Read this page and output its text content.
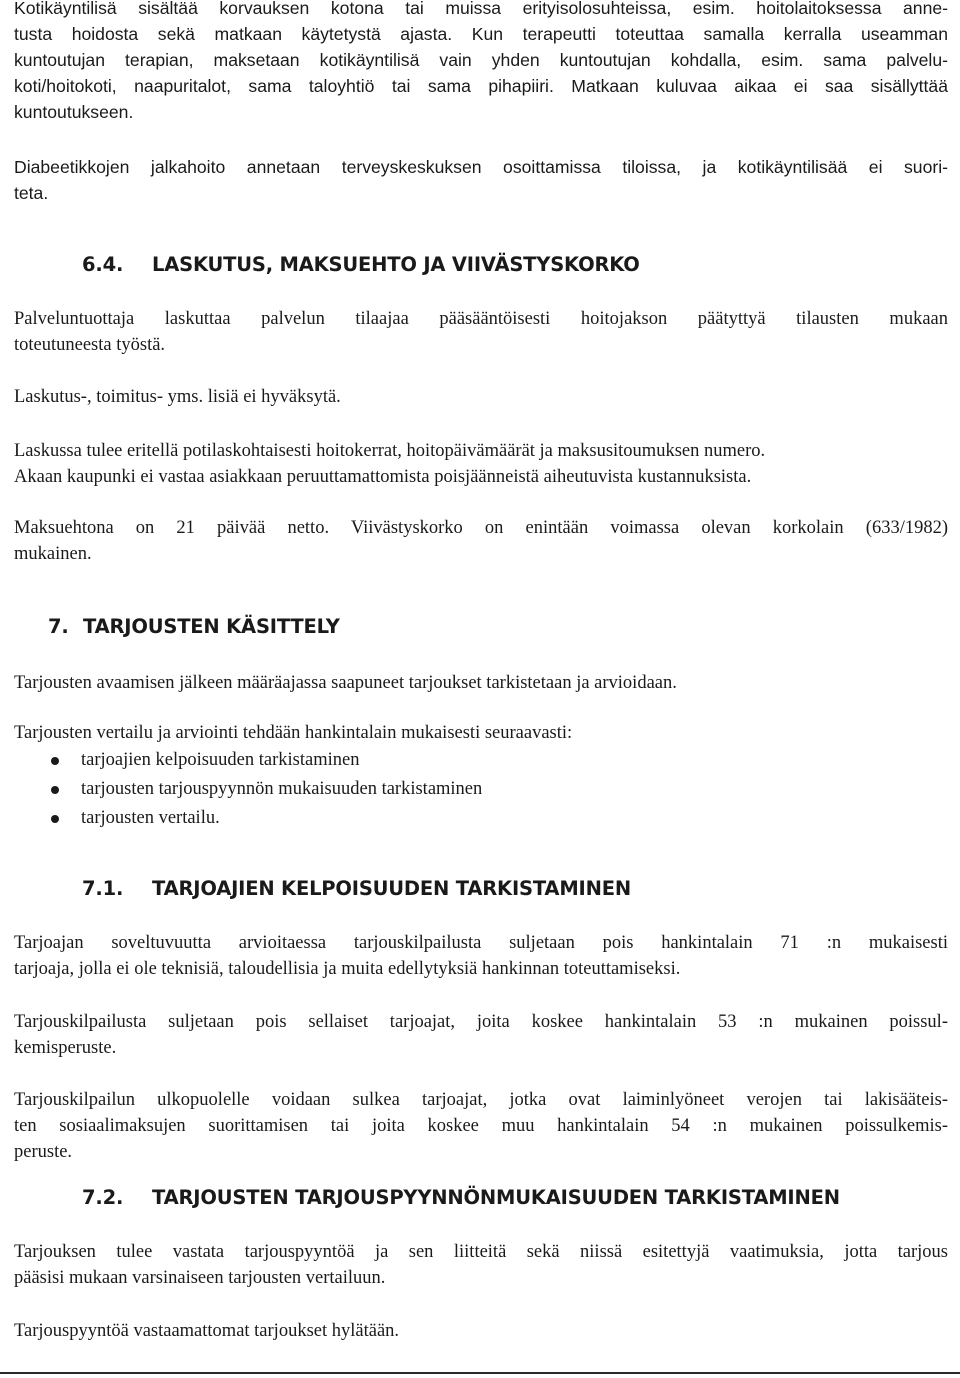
Kotikäyntilisä sisältää korvauksen kotona tai muissa erityisolosuhteissa, esim. hoitolaitoksessa anne-
tusta hoidosta sekä matkaan käytetystä ajasta. Kun terapeutti toteuttaa samalla kerralla useamman
kuntoutujan terapian, maksetaan kotikäyntilisä vain yhden kuntoutujan kohdalla, esim. sama palvelu-
koti/hoitokoti, naapuritalot, sama taloyhtiö tai sama pihapiiri. Matkaan kuluvaa aikaa ei saa sisällyttää
kuntoutukseen.
Diabeetikkojen jalkahoito annetaan terveyskeskuksen osoittamissa tiloissa, ja kotikäyntilisää ei suori-
teta.
6.4. LASKUTUS, MAKSUEHTO JA VIIVÄSTYSKORKO
Palveluntuottaja laskuttaa palvelun tilaajaa pääsääntöisesti hoitojakson päätyttyä tilausten mukaan
toteutuneesta työstä.
Laskutus-, toimitus- yms. lisiä ei hyväksytä.
Laskussa tulee eritellä potilaskohtaisesti hoitokerrat, hoitopäivämäärät ja maksusitoumuksen numero.
Akaan kaupunki ei vastaa asiakkaan peruuttamattomista poisjäänneistä aiheutuvista kustannuksista.
Maksuehtona on 21 päivää netto. Viivästyskorko on enintään voimassa olevan korkolain (633/1982)
mukainen.
7. TARJOUSTEN KÄSITTELY
Tarjousten avaamisen jälkeen määräajassa saapuneet tarjoukset tarkistetaan ja arvioidaan.
Tarjousten vertailu ja arviointi tehdään hankintalain mukaisesti seuraavasti:
tarjoajien kelpoisuuden tarkistaminen
tarjousten tarjouspyynnön mukaisuuden tarkistaminen
tarjousten vertailu.
7.1. TARJOAJIEN KELPOISUUDEN TARKISTAMINEN
Tarjoajan soveltuvuutta arvioitaessa tarjouskilpailusta suljetaan pois hankintalain 71 :n mukaisesti
tarjoaja, jolla ei ole teknisiä, taloudellisia ja muita edellytyksiä hankinnan toteuttamiseksi.
Tarjouskilpailusta suljetaan pois sellaiset tarjoajat, joita koskee hankintalain 53 :n mukainen poissul-
kemisperuste.
Tarjouskilpailun ulkopuolelle voidaan sulkea tarjoajat, jotka ovat laiminlyöneet verojen tai lakisääteis-
ten sosiaalimaksujen suorittamisen tai joita koskee muu hankintalain 54 :n mukainen poissulkemis-
peruste.
7.2. TARJOUSTEN TARJOUSPYYNNÖNMUKAISUUDEN TARKISTAMINEN
Tarjouksen tulee vastata tarjouspyyntöä ja sen liitteitä sekä niissä esitettyjä vaatimuksia, jotta tarjous
pääsisi mukaan varsinaiseen tarjousten vertailuun.
Tarjouspyyntöä vastaamattomat tarjoukset hylätään.
